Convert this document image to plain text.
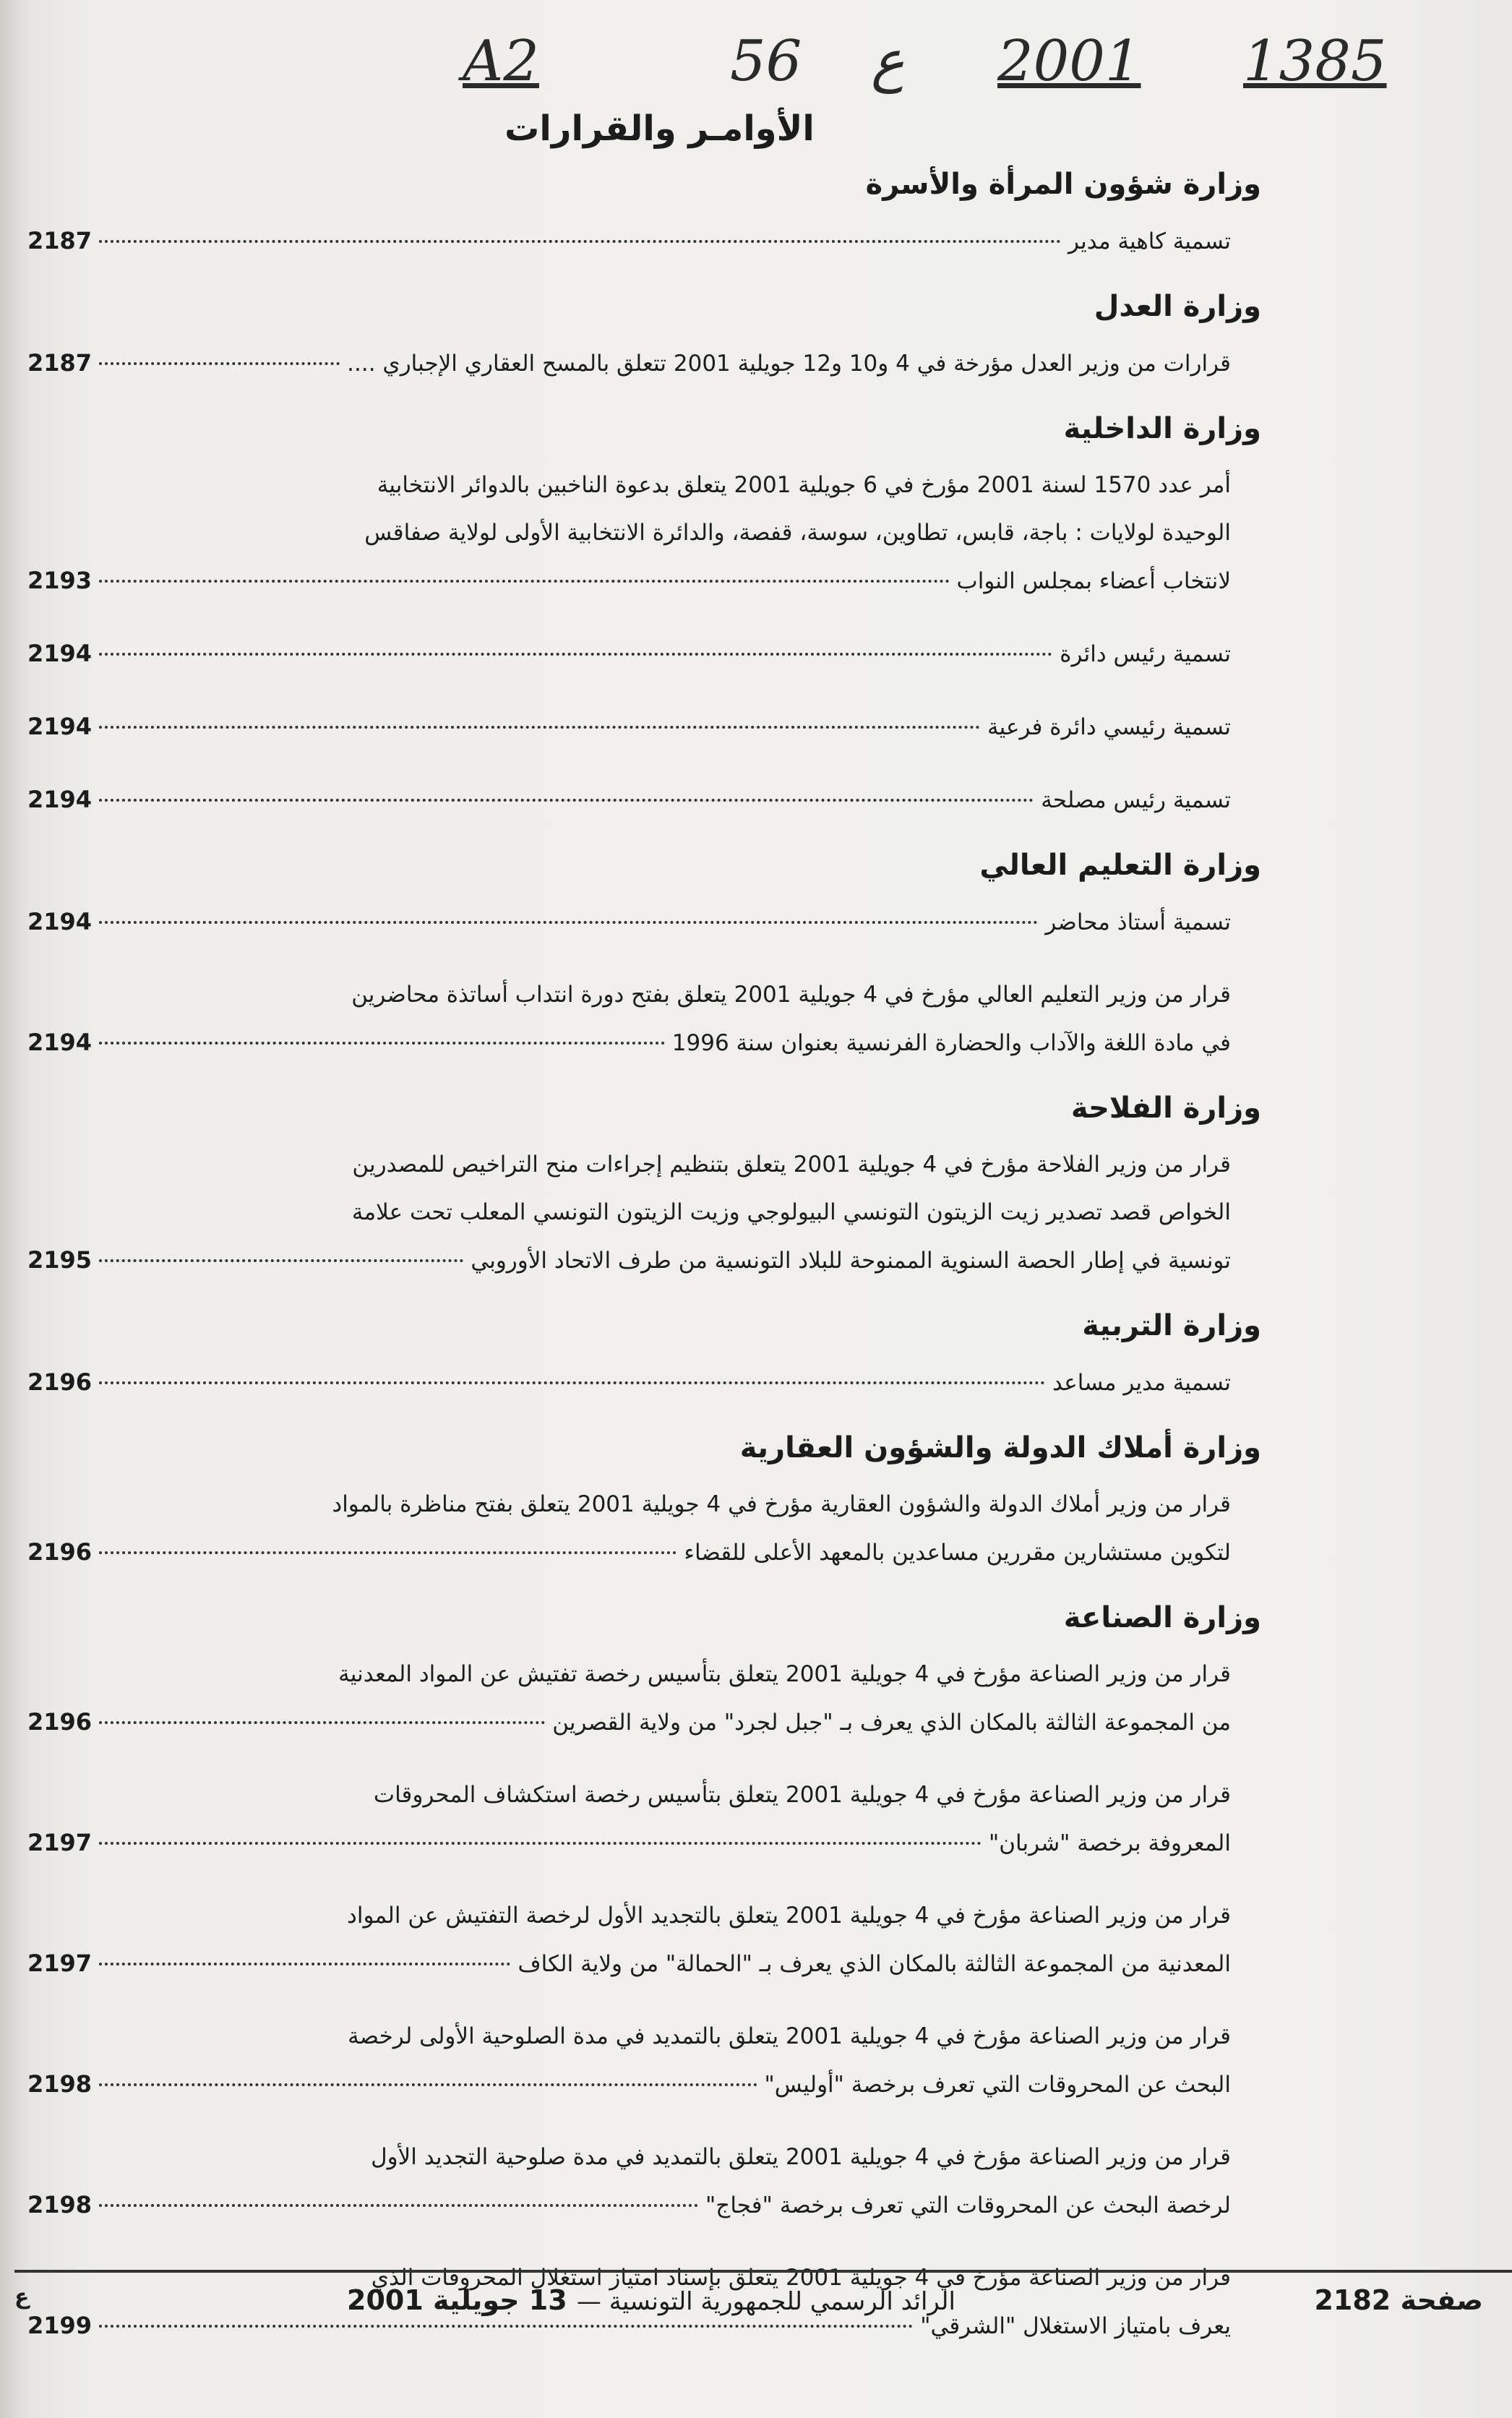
A2	56 ع 2001 1385
الأوامـر والقرارات
وزارة شؤون المرأة والأسرة

تسمية كاهية مدير
2187

وزارة العدل

قرارات من وزير العدل مؤرخة في 4 و10 و12 جويلية 2001 تتعلق بالمسح العقاري الإجباري ....
2187

وزارة الداخلية

أمر عدد 1570 لسنة 2001 مؤرخ في 6 جويلية 2001 يتعلق بدعوة الناخبين بالدوائر الانتخابية

الوحيدة لولايات : باجة، قابس، تطاوين، سوسة، قفصة، والدائرة الانتخابية الأولى لولاية صفاقس

لانتخاب أعضاء بمجلس النواب
2193

تسمية رئيس دائرة
2194

تسمية رئيسي دائرة فرعية
2194

تسمية رئيس مصلحة
2194

وزارة التعليم العالي

تسمية أستاذ محاضر
2194

قرار من وزير التعليم العالي مؤرخ في 4 جويلية 2001 يتعلق بفتح دورة انتداب أساتذة محاضرين

في مادة اللغة والآداب والحضارة الفرنسية بعنوان سنة 1996
2194

وزارة الفلاحة

قرار من وزير الفلاحة مؤرخ في 4 جويلية 2001 يتعلق بتنظيم إجراءات منح التراخيص للمصدرين

الخواص قصد تصدير زيت الزيتون التونسي البيولوجي وزيت الزيتون التونسي المعلب تحت علامة

تونسية في إطار الحصة السنوية الممنوحة للبلاد التونسية من طرف الاتحاد الأوروبي
2195

وزارة التربية

تسمية مدير مساعد
2196

وزارة أملاك الدولة والشؤون العقارية

قرار من وزير أملاك الدولة والشؤون العقارية مؤرخ في 4 جويلية 2001 يتعلق بفتح مناظرة بالمواد

لتكوين مستشارين مقررين مساعدين بالمعهد الأعلى للقضاء
2196

وزارة الصناعة

قرار من وزير الصناعة مؤرخ في 4 جويلية 2001 يتعلق بتأسيس رخصة تفتيش عن المواد المعدنية

من المجموعة الثالثة بالمكان الذي يعرف بـ "جبل لجرد" من ولاية القصرين
2196

قرار من وزير الصناعة مؤرخ في 4 جويلية 2001 يتعلق بتأسيس رخصة استكشاف المحروقات

المعروفة برخصة "شربان"
2197

قرار من وزير الصناعة مؤرخ في 4 جويلية 2001 يتعلق بالتجديد الأول لرخصة التفتيش عن المواد

المعدنية من المجموعة الثالثة بالمكان الذي يعرف بـ "الحمالة" من ولاية الكاف
2197

قرار من وزير الصناعة مؤرخ في 4 جويلية 2001 يتعلق بالتمديد في مدة الصلوحية الأولى لرخصة

البحث عن المحروقات التي تعرف برخصة "أوليس"
2198

قرار من وزير الصناعة مؤرخ في 4 جويلية 2001 يتعلق بالتمديد في مدة صلوحية التجديد الأول

لرخصة البحث عن المحروقات التي تعرف برخصة "فجاج"
2198

قرار من وزير الصناعة مؤرخ في 4 جويلية 2001 يتعلق بإسناد امتياز استغلال المحروقات الذي

يعرف بامتياز الاستغلال "الشرقي"
2199

صفحة 2182
الرائد الرسمي للجمهورية التونسية — 13 جويلية 2001
ع
